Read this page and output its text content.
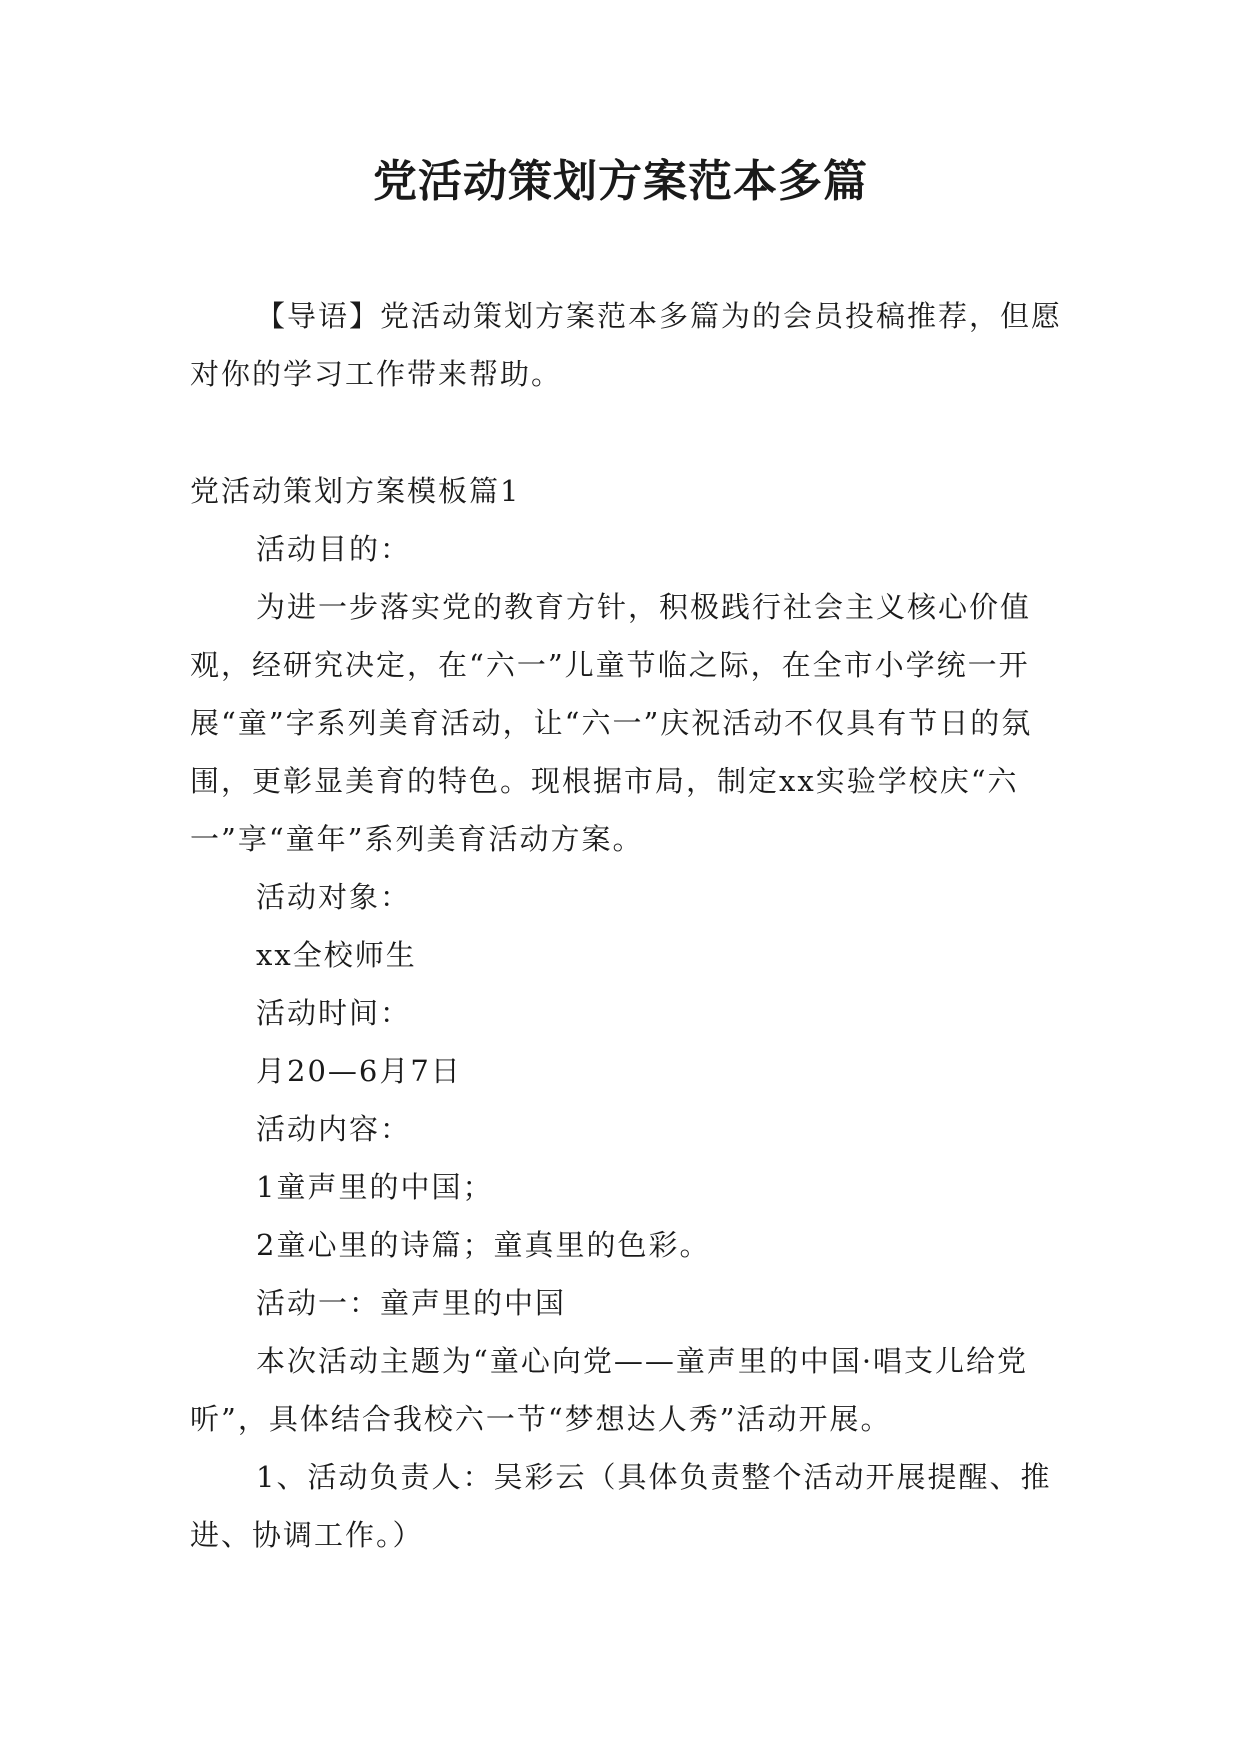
党活动策划方案范本多篇

【导语】党活动策划方案范本多篇为的会员投稿推荐，但愿对你的学习工作带来帮助。

党活动策划方案模板篇1

活动目的：

为进一步落实党的教育方针，积极践行社会主义核心价值观，经研究决定，在“六一”儿童节临之际，在全市小学统一开展“童”字系列美育活动，让“六一”庆祝活动不仅具有节日的氛围，更彰显美育的特色。现根据市局，制定xx实验学校庆“六一”享“童年”系列美育活动方案。

活动对象：

xx全校师生

活动时间：

月20—6月7日

活动内容：

1童声里的中国；

2童心里的诗篇；童真里的色彩。

活动一：童声里的中国

本次活动主题为“童心向党——童声里的中国·唱支儿给党听”，具体结合我校六一节“梦想达人秀”活动开展。

1、活动负责人：吴彩云（具体负责整个活动开展提醒、推进、协调工作。）
